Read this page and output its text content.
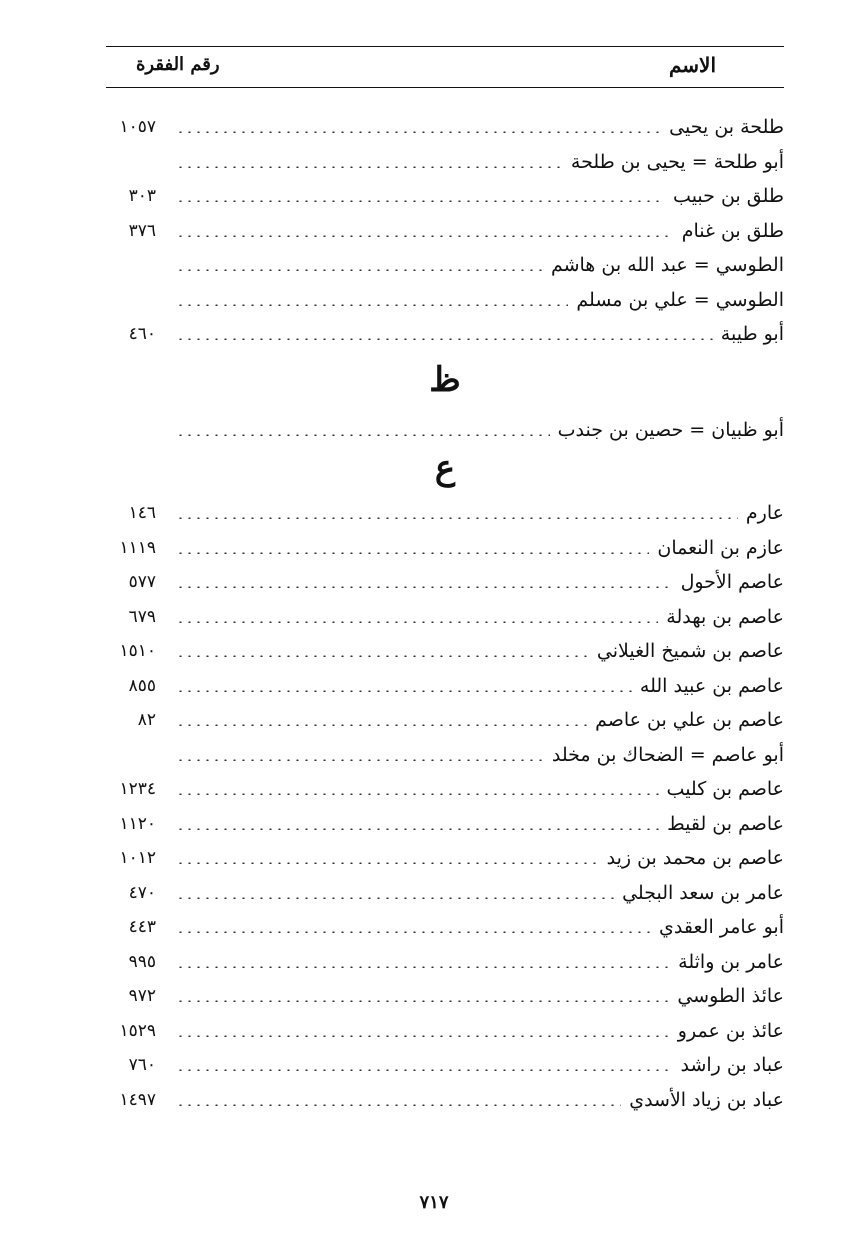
الاسم
رقم الفقرة
١٠٥٧	طلحة بن يحيى
أبو طلحة = يحيى بن طلحة
٣٠٣	طلق بن حبيب
٣٧٦	طلق بن غنام
الطوسي = عبد الله بن هاشم
الطوسي = علي بن مسلم
٤٦٠	أبو طيبة
ظ
أبو ظبيان = حصين بن جندب
ع
١٤٦	عارم
١١١٩	عازم بن النعمان
٥٧٧	عاصم الأحول
٦٧٩	عاصم بن بهدلة
١٥١٠	عاصم بن شميخ الغيلاني
٨٥٥	عاصم بن عبيد الله
٨٢	عاصم بن علي بن عاصم
أبو عاصم = الضحاك بن مخلد
١٢٣٤	عاصم بن كليب
١١٢٠	عاصم بن لقيط
١٠١٢	عاصم بن محمد بن زيد
٤٧٠	عامر بن سعد البجلي
٤٤٣	أبو عامر العقدي
٩٩٥	عامر بن واثلة
٩٧٢	عائذ الطوسي
١٥٢٩	عائذ بن عمرو
٧٦٠	عباد بن راشد
١٤٩٧	عباد بن زياد الأسدي
٧١٧
